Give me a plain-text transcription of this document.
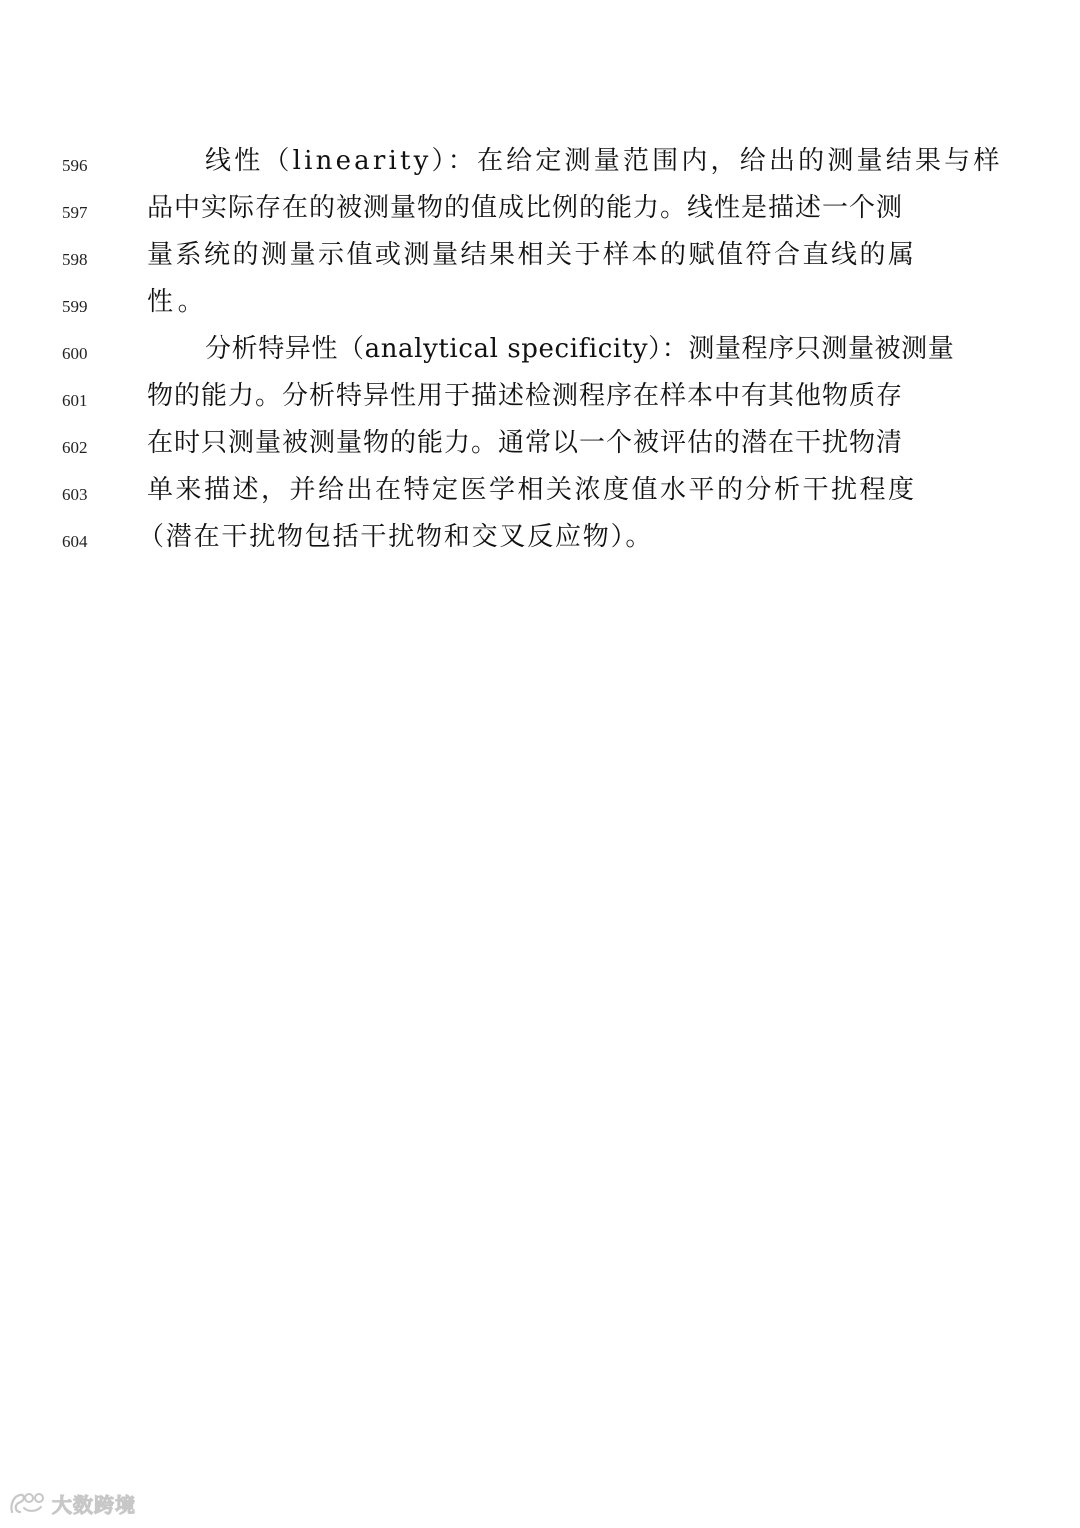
596	线性（linearity）：在给定测量范围内，给出的测量结果与样
597	品中实际存在的被测量物的值成比例的能力。线性是描述一个测
598	量系统的测量示值或测量结果相关于样本的赋值符合直线的属
599	性。
600	分析特异性（analytical specificity）：测量程序只测量被测量
601	物的能力。分析特异性用于描述检测程序在样本中有其他物质存
602	在时只测量被测量物的能力。通常以一个被评估的潜在干扰物清
603	单来描述，并给出在特定医学相关浓度值水平的分析干扰程度
604	（潜在干扰物包括干扰物和交叉反应物）。
大数跨境
